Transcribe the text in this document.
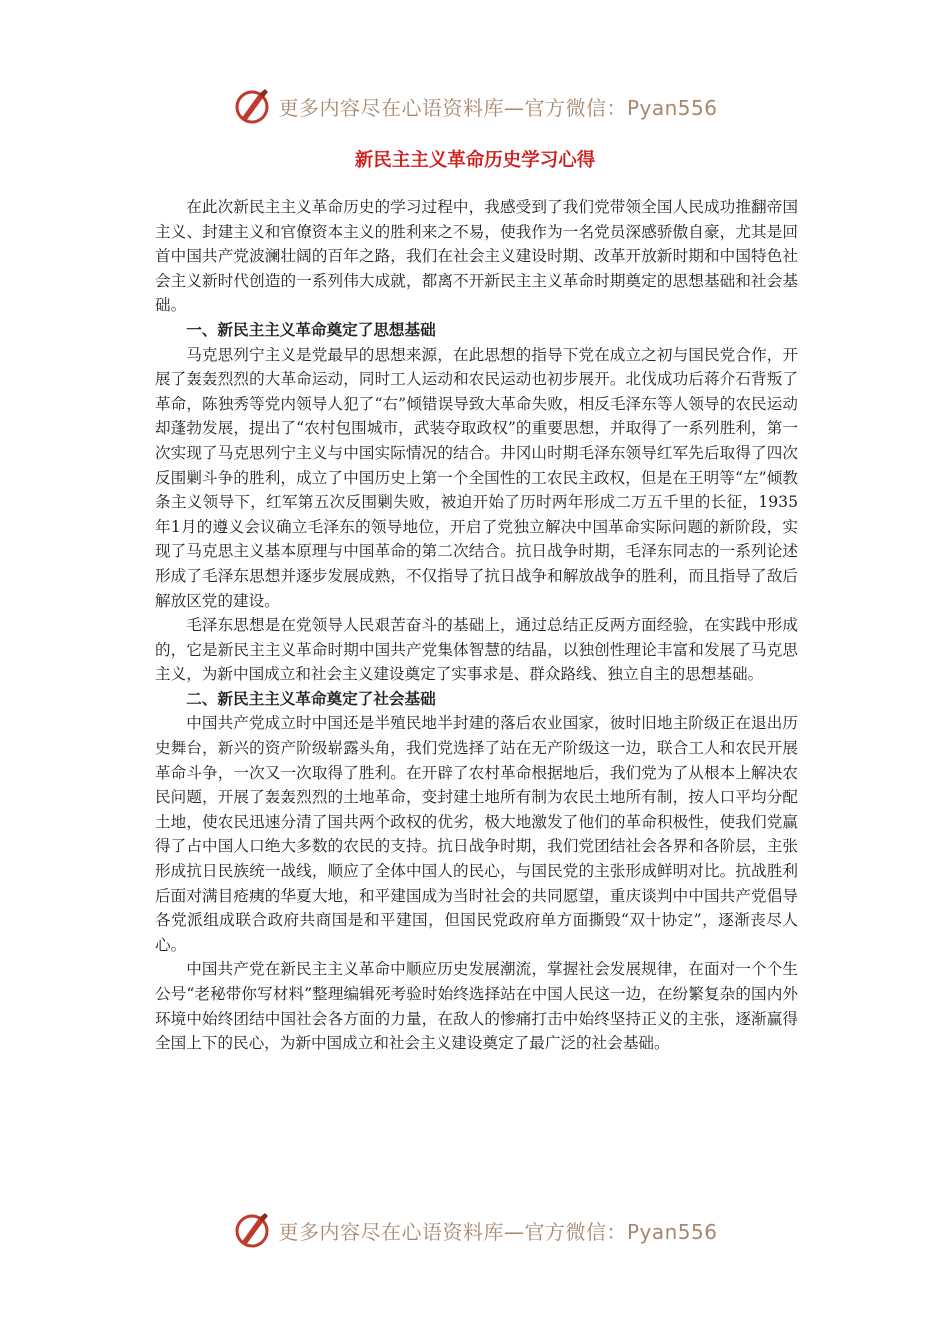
更多内容尽在心语资料库—官方微信：Pyan556
新民主主义革命历史学习心得

在此次新民主主义革命历史的学习过程中，我感受到了我们党带领全国人民成功推翻帝国主义、封建主义和官僚资本主义的胜利来之不易，使我作为一名党员深感骄傲自豪，尤其是回首中国共产党波澜壮阔的百年之路，我们在社会主义建设时期、改革开放新时期和中国特色社会主义新时代创造的一系列伟大成就，都离不开新民主主义革命时期奠定的思想基础和社会基础。

一、新民主主义革命奠定了思想基础

马克思列宁主义是党最早的思想来源，在此思想的指导下党在成立之初与国民党合作，开展了轰轰烈烈的大革命运动，同时工人运动和农民运动也初步展开。北伐成功后蒋介石背叛了革命，陈独秀等党内领导人犯了“右”倾错误导致大革命失败，相反毛泽东等人领导的农民运动却蓬勃发展，提出了“农村包围城市，武装夺取政权”的重要思想，并取得了一系列胜利，第一次实现了马克思列宁主义与中国实际情况的结合。井冈山时期毛泽东领导红军先后取得了四次反围剿斗争的胜利，成立了中国历史上第一个全国性的工农民主政权，但是在王明等“左”倾教条主义领导下，红军第五次反围剿失败，被迫开始了历时两年形成二万五千里的长征，1935年1月的遵义会议确立毛泽东的领导地位，开启了党独立解决中国革命实际问题的新阶段，实现了马克思主义基本原理与中国革命的第二次结合。抗日战争时期，毛泽东同志的一系列论述形成了毛泽东思想并逐步发展成熟，不仅指导了抗日战争和解放战争的胜利，而且指导了敌后解放区党的建设。

毛泽东思想是在党领导人民艰苦奋斗的基础上，通过总结正反两方面经验，在实践中形成的，它是新民主主义革命时期中国共产党集体智慧的结晶，以独创性理论丰富和发展了马克思主义，为新中国成立和社会主义建设奠定了实事求是、群众路线、独立自主的思想基础。

二、新民主主义革命奠定了社会基础

中国共产党成立时中国还是半殖民地半封建的落后农业国家，彼时旧地主阶级正在退出历史舞台，新兴的资产阶级崭露头角，我们党选择了站在无产阶级这一边，联合工人和农民开展革命斗争，一次又一次取得了胜利。在开辟了农村革命根据地后，我们党为了从根本上解决农民问题，开展了轰轰烈烈的土地革命，变封建土地所有制为农民土地所有制，按人口平均分配土地，使农民迅速分清了国共两个政权的优劣，极大地激发了他们的革命积极性，使我们党赢得了占中国人口绝大多数的农民的支持。抗日战争时期，我们党团结社会各界和各阶层，主张形成抗日民族统一战线，顺应了全体中国人的民心，与国民党的主张形成鲜明对比。抗战胜利后面对满目疮痍的华夏大地，和平建国成为当时社会的共同愿望，重庆谈判中中国共产党倡导各党派组成联合政府共商国是和平建国，但国民党政府单方面撕毁“双十协定”，逐渐丧尽人心。

中国共产党在新民主主义革命中顺应历史发展潮流，掌握社会发展规律，在面对一个个生公号“老秘带你写材料”整理编辑死考验时始终选择站在中国人民这一边，在纷繁复杂的国内外环境中始终团结中国社会各方面的力量，在敌人的惨痛打击中始终坚持正义的主张，逐渐赢得全国上下的民心，为新中国成立和社会主义建设奠定了最广泛的社会基础。

更多内容尽在心语资料库—官方微信：Pyan556
